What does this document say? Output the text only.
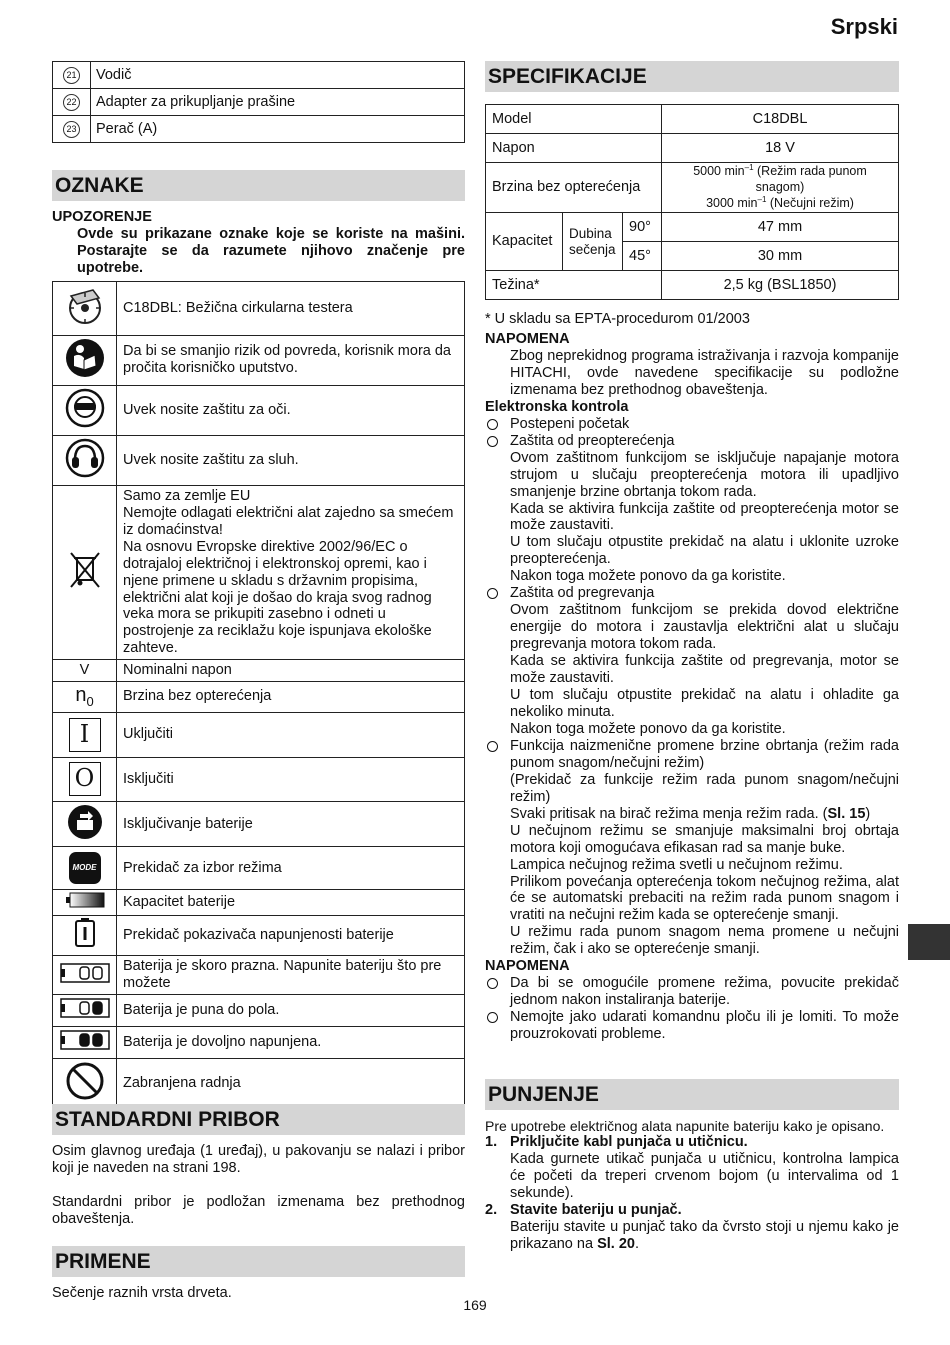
Srpski
21	Vodič
22	Adapter za prikupljanje prašine
23	Perač (A)
OZNAKE
UPOZORENJE
Ovde su prikazane oznake koje se koriste na mašini. Postarajte se da razumete njihovo značenje pre upotrebe.
	C18DBL: Bežična cirkularna testera
	Da bi se smanjio rizik od povreda, korisnik mora da pročita korisničko uputstvo.
	Uvek nosite zaštitu za oči.
	Uvek nosite zaštitu za sluh.
	Samo za zemlje EU
Nemojte odlagati električni alat zajedno sa smećem iz domaćinstva!
Na osnovu Evropske direktive 2002/96/EC o dotrajaloj električnoj i elektronskoj opremi, kao i njene primene u skladu s državnim propisima, električni alat koji je došao do kraja svog radnog veka mora se prikupiti zasebno i odneti u postrojenje za reciklažu koje ispunjava ekološke zahteve.
V	Nominalni napon
$n_0$	Brzina bez opterećenja
I	Uključiti
O	Isključiti
	Isključivanje baterije
MODE	Prekidač za izbor režima
	Kapacitet baterije
	Prekidač pokazivača napunjenosti baterije
	Baterija je skoro prazna. Napunite bateriju što pre možete
	Baterija je puna do pola.
	Baterija je dovoljno napunjena.
	Zabranjena radnja
STANDARDNI PRIBOR
Osim glavnog uređaja (1 uređaj), u pakovanju se nalazi i pribor koji je naveden na strani 198.
Standardni pribor je podložan izmenama bez prethodnog obaveštenja.
PRIMENE
Sečenje raznih vrsta drveta.
SPECIFIKACIJE
Model			C18DBL
Napon			18 V
Brzina bez opterećenja			5000 $\min^{-1}$ (Režim rada punom snagom)
3000 $\min^{-1}$ (Nečujni režim)
Kapacitet	Dubina sečenja	90°	47 mm
		45°	30 mm
Težina*			2,5 kg (BSL1850)
* U skladu sa EPTA-procedurom 01/2003
NAPOMENA
Zbog neprekidnog programa istraživanja i razvoja kompanije HITACHI, ovde navedene specifikacije su podložne izmenama bez prethodnog obaveštenja.
Elektronska kontrola
Postepeni početak
Zaštita od preopterećenja
Ovom zaštitnom funkcijom se isključuje napajanje motora strujom u slučaju preopterećenja motora ili upadljivo smanjenje brzine obrtanja tokom rada.
Kada se aktivira funkcija zaštite od preopterećenja motor se može zaustaviti.
U tom slučaju otpustite prekidač na alatu i uklonite uzroke preopterećenja.
Nakon toga možete ponovo da ga koristite.
Zaštita od pregrevanja
Ovom zaštitnom funkcijom se prekida dovod električne energije do motora i zaustavlja električni alat u slučaju pregrevanja motora tokom rada.
Kada se aktivira funkcija zaštite od pregrevanja, motor se može zaustaviti.
U tom slučaju otpustite prekidač na alatu i ohladite ga nekoliko minuta.
Nakon toga možete ponovo da ga koristite.
Funkcija naizmenične promene brzine obrtanja (režim rada punom snagom/nečujni režim)
(Prekidač za funkcije režim rada punom snagom/nečujni režim)
Svaki pritisak na birač režima menja režim rada. (Sl. 15)
U nečujnom režimu se smanjuje maksimalni broj obrtaja motora koji omogućava efikasan rad sa manje buke.
Lampica nečujnog režima svetli u nečujnom režimu.
Prilikom povećanja opterećenja tokom nečujnog režima, alat će se automatski prebaciti na režim rada punom snagom i vratiti na nečujni režim kada se opterećenje smanji.
U režimu rada punom snagom nema promene u nečujni režim, čak i ako se opterećenje smanji.
NAPOMENA
Da bi se omogućile promene režima, povucite prekidač jednom nakon instaliranja baterije.
Nemojte jako udarati komandnu ploču ili je lomiti. To može prouzrokovati probleme.
PUNJENJE
Pre upotrebe električnog alata napunite bateriju kako je opisano.
1. Priključite kabl punjača u utičnicu.
Kada gurnete utikač punjača u utičnicu, kontrolna lampica će početi da treperi crvenom bojom (u intervalima od 1 sekunde).
2. Stavite bateriju u punjač.
Bateriju stavite u punjač tako da čvrsto stoji u njemu kako je prikazano na Sl. 20.
169
